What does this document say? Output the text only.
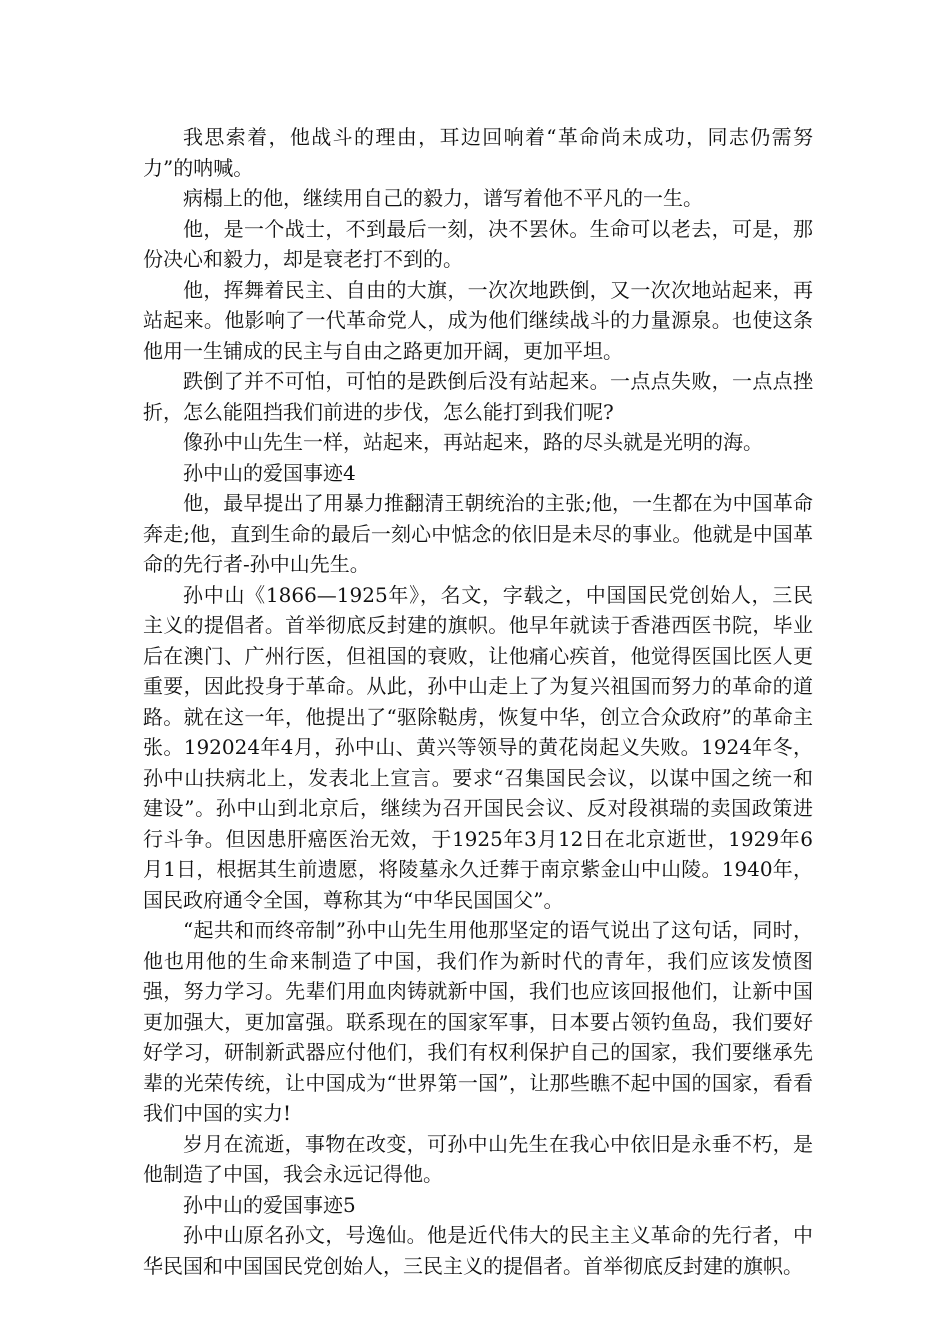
我思索着，他战斗的理由，耳边回响着“革命尚未成功，同志仍需努力”的呐喊。

病榻上的他，继续用自己的毅力，谱写着他不平凡的一生。

他，是一个战士，不到最后一刻，决不罢休。生命可以老去，可是，那份决心和毅力，却是衰老打不到的。

他，挥舞着民主、自由的大旗，一次次地跌倒，又一次次地站起来，再站起来。他影响了一代革命党人，成为他们继续战斗的力量源泉。也使这条他用一生铺成的民主与自由之路更加开阔，更加平坦。

跌倒了并不可怕，可怕的是跌倒后没有站起来。一点点失败，一点点挫折，怎么能阻挡我们前进的步伐，怎么能打到我们呢?

像孙中山先生一样，站起来，再站起来，路的尽头就是光明的海。

孙中山的爱国事迹4

他，最早提出了用暴力推翻清王朝统治的主张;他，一生都在为中国革命奔走;他，直到生命的最后一刻心中惦念的依旧是未尽的事业。他就是中国革命的先行者-孙中山先生。

孙中山《1866—1925年》，名文，字载之，中国国民党创始人，三民主义的提倡者。首举彻底反封建的旗帜。他早年就读于香港西医书院，毕业后在澳门、广州行医，但祖国的衰败，让他痛心疾首，他觉得医国比医人更重要，因此投身于革命。从此，孙中山走上了为复兴祖国而努力的革命的道路。就在这一年，他提出了“驱除鞑虏，恢复中华，创立合众政府”的革命主张。192024年4月，孙中山、黄兴等领导的黄花岗起义失败。1924年冬，孙中山扶病北上，发表北上宣言。要求“召集国民会议，以谋中国之统一和建设”。孙中山到北京后，继续为召开国民会议、反对段祺瑞的卖国政策进行斗争。但因患肝癌医治无效，于1925年3月12日在北京逝世，1929年6月1日，根据其生前遗愿，将陵墓永久迁葬于南京紫金山中山陵。1940年，国民政府通令全国，尊称其为“中华民国国父”。

“起共和而终帝制”孙中山先生用他那坚定的语气说出了这句话，同时，他也用他的生命来制造了中国，我们作为新时代的青年，我们应该发愤图强，努力学习。先辈们用血肉铸就新中国，我们也应该回报他们，让新中国更加强大，更加富强。联系现在的国家军事，日本要占领钓鱼岛，我们要好好学习，研制新武器应付他们，我们有权利保护自己的国家，我们要继承先辈的光荣传统，让中国成为“世界第一国”，让那些瞧不起中国的国家，看看我们中国的实力!

岁月在流逝，事物在改变，可孙中山先生在我心中依旧是永垂不朽，是他制造了中国，我会永远记得他。

孙中山的爱国事迹5

孙中山原名孙文，号逸仙。他是近代伟大的民主主义革命的先行者，中华民国和中国国民党创始人，三民主义的提倡者。首举彻底反封建的旗帜。
